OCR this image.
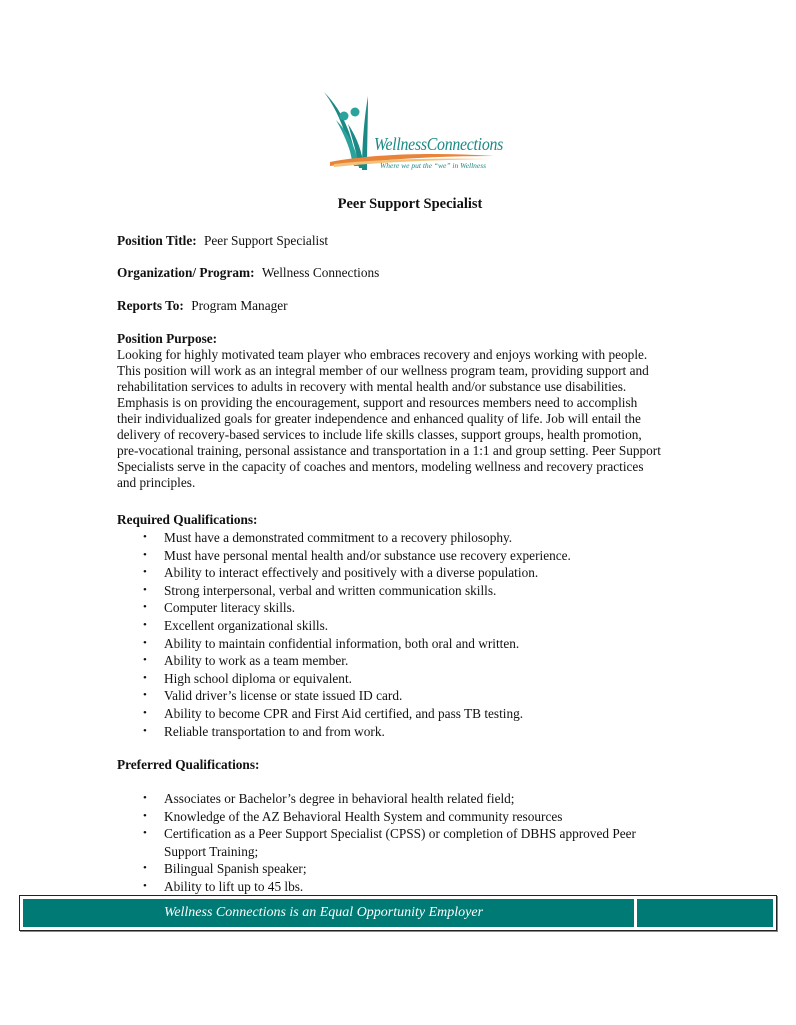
WellnessConnections
Where we put the “we” in Wellness
Peer Support Specialist
Position Title: Peer Support Specialist
Organization/ Program: Wellness Connections
Reports To: Program Manager
Position Purpose:
Looking for highly motivated team player who embraces recovery and enjoys working with people.
This position will work as an integral member of our wellness program team, providing support and
rehabilitation services to adults in recovery with mental health and/or substance use disabilities.
Emphasis is on providing the encouragement, support and resources members need to accomplish
their individualized goals for greater independence and enhanced quality of life. Job will entail the
delivery of recovery-based services to include life skills classes, support groups, health promotion,
pre-vocational training, personal assistance and transportation in a 1:1 and group setting. Peer Support
Specialists serve in the capacity of coaches and mentors, modeling wellness and recovery practices
and principles.
Required Qualifications:
• Must have a demonstrated commitment to a recovery philosophy.
• Must have personal mental health and/or substance use recovery experience.
• Ability to interact effectively and positively with a diverse population.
• Strong interpersonal, verbal and written communication skills.
• Computer literacy skills.
• Excellent organizational skills.
• Ability to maintain confidential information, both oral and written.
• Ability to work as a team member.
• High school diploma or equivalent.
• Valid driver’s license or state issued ID card.
• Ability to become CPR and First Aid certified, and pass TB testing.
• Reliable transportation to and from work.
Preferred Qualifications:
• Associates or Bachelor’s degree in behavioral health related field;
• Knowledge of the AZ Behavioral Health System and community resources
• Certification as a Peer Support Specialist (CPSS) or completion of DBHS approved Peer
Support Training;
• Bilingual Spanish speaker;
• Ability to lift up to 45 lbs.
Wellness Connections is an Equal Opportunity Employer
